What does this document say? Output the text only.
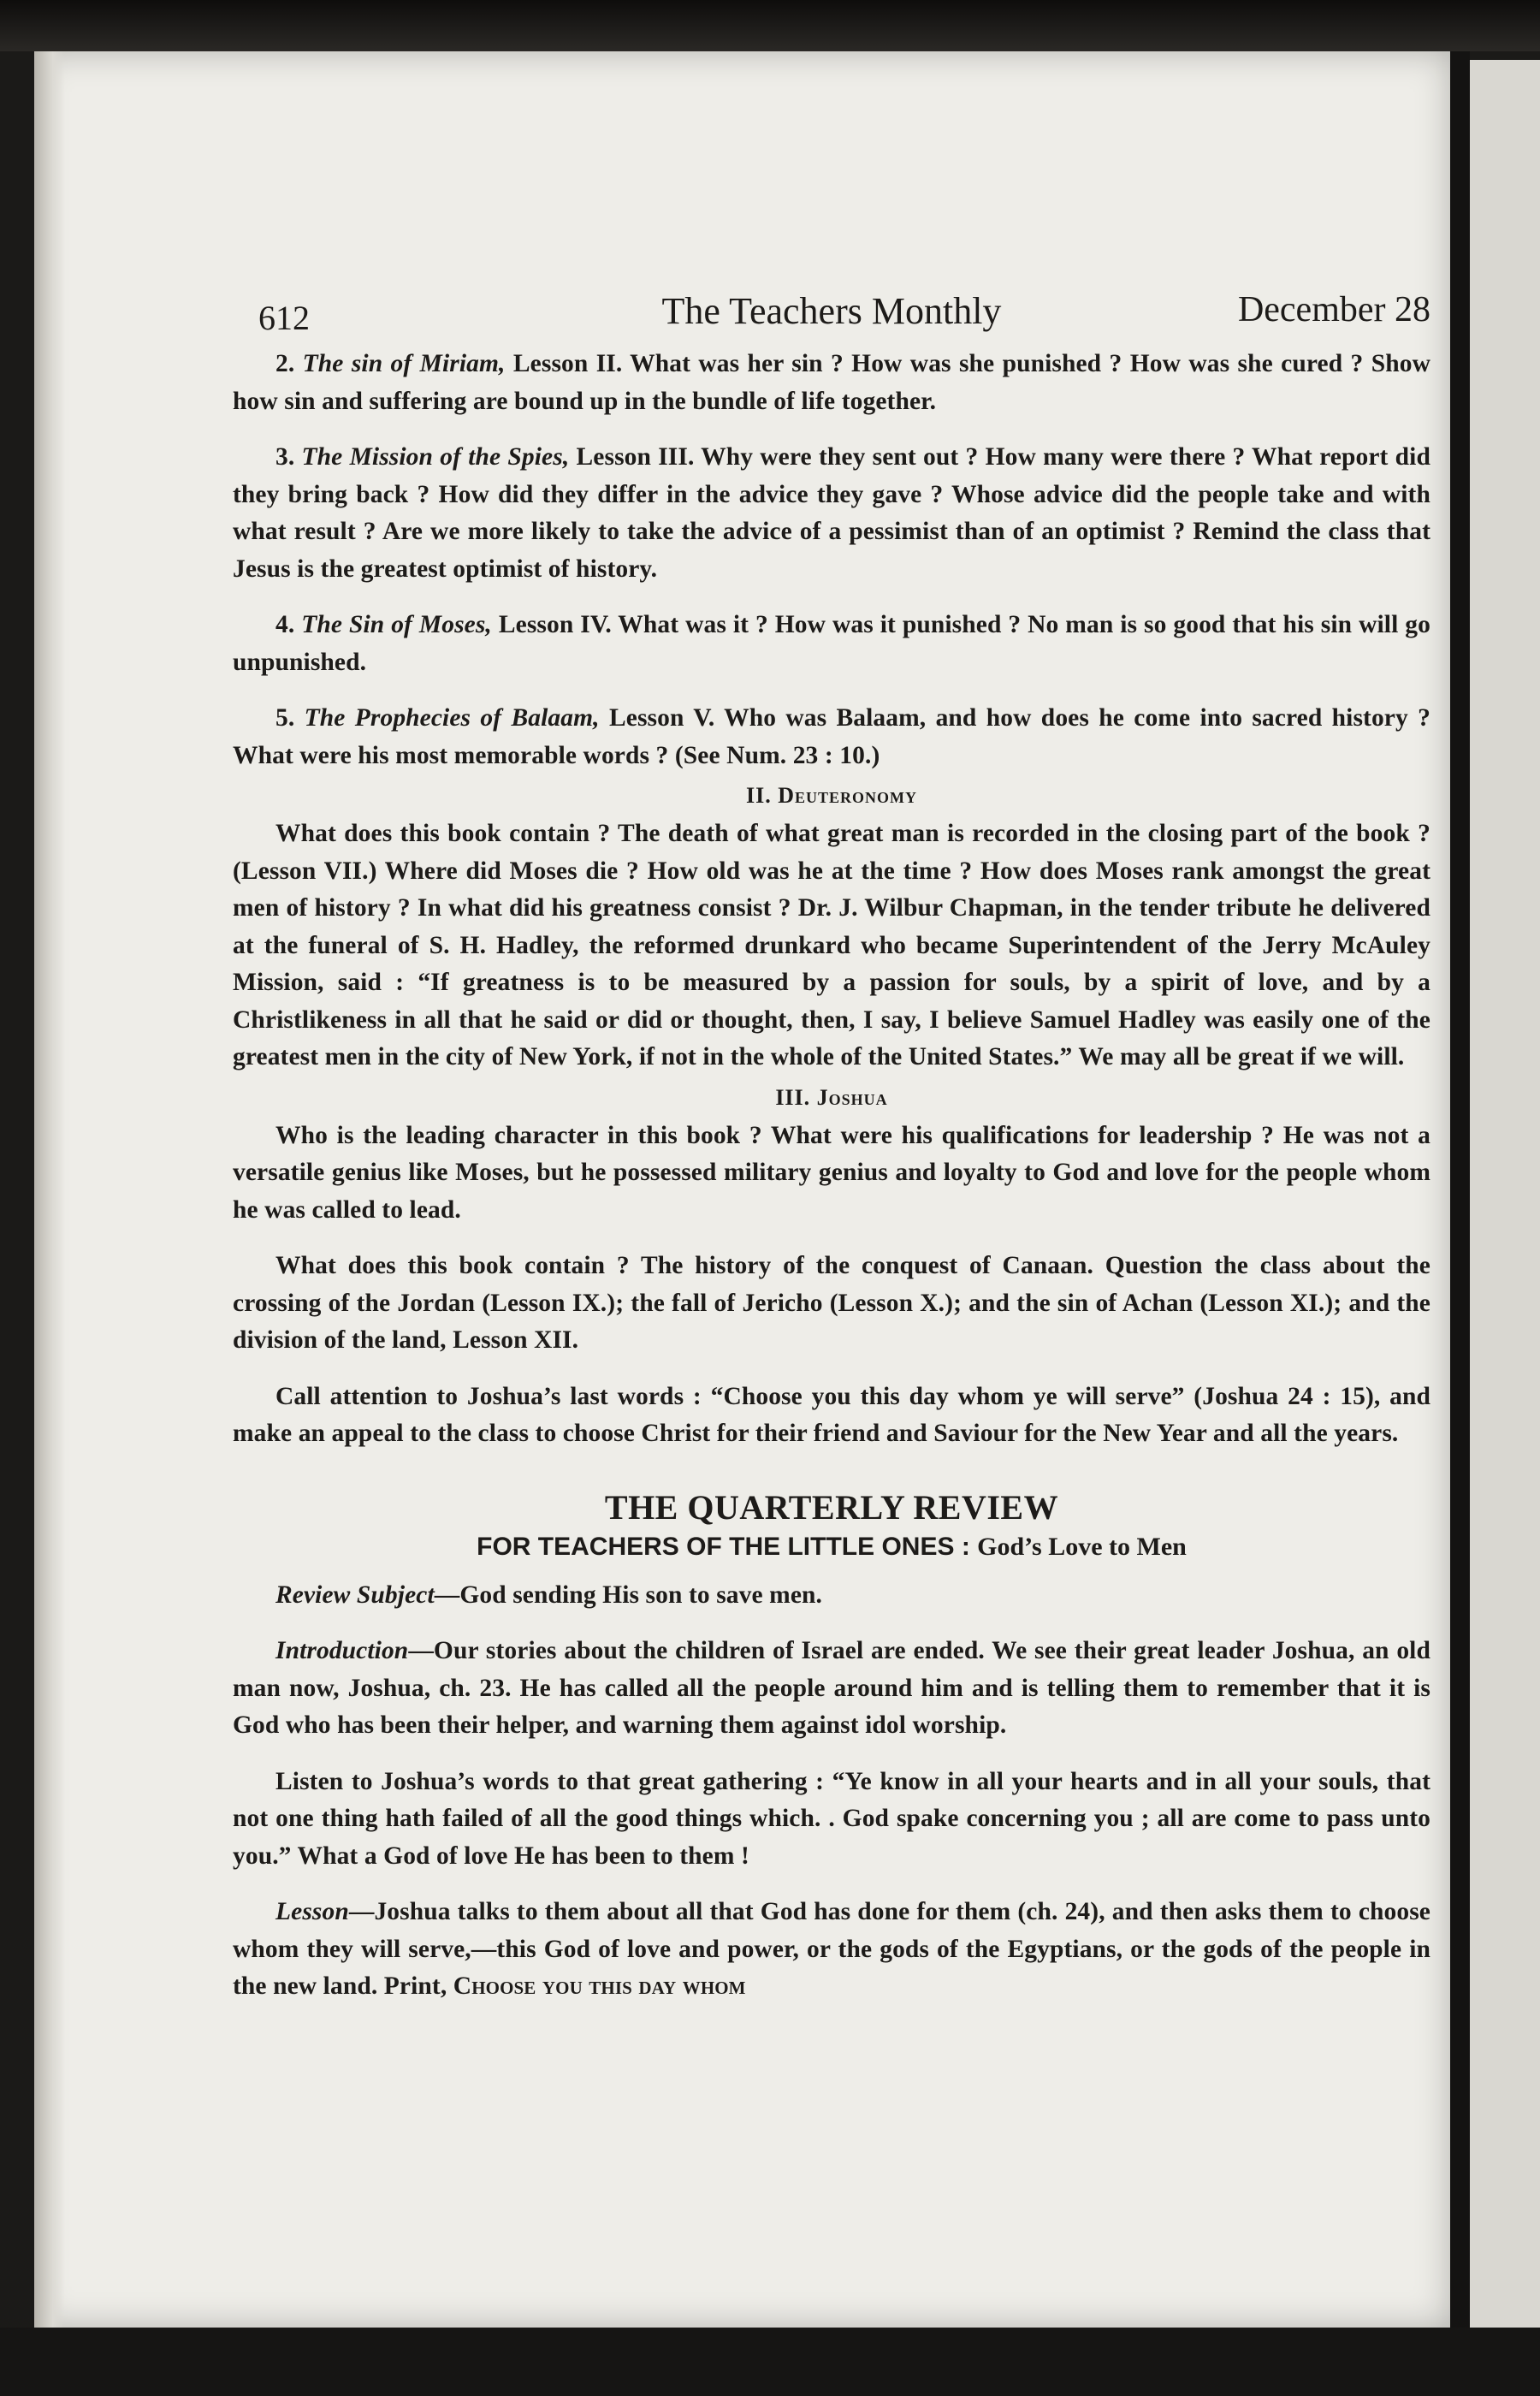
612	The Teachers Monthly	December 28

2. The sin of Miriam, Lesson II. What was her sin ? How was she punished ? How was she cured ? Show how sin and suffering are bound up in the bundle of life together.

3. The Mission of the Spies, Lesson III. Why were they sent out ? How many were there ? What report did they bring back ? How did they differ in the advice they gave ? Whose advice did the people take and with what result ? Are we more likely to take the advice of a pessimist than of an optimist ? Remind the class that Jesus is the greatest optimist of history.

4. The Sin of Moses, Lesson IV. What was it ? How was it punished ? No man is so good that his sin will go unpunished.

5. The Prophecies of Balaam, Lesson V. Who was Balaam, and how does he come into sacred history ? What were his most memorable words ? (See Num. 23 : 10.)

II. Deuteronomy

What does this book contain ? The death of what great man is recorded in the closing part of the book ? (Lesson VII.) Where did Moses die ? How old was he at the time ? How does Moses rank amongst the great men of history ? In what did his greatness consist ? Dr. J. Wilbur Chapman, in the tender tribute he delivered at the funeral of S. H. Hadley, the reformed drunkard who became Superintendent of the Jerry McAuley Mission, said : “If greatness is to be measured by a passion for souls, by a spirit of love, and by a Christlikeness in all that he said or did or thought, then, I say, I believe Samuel Hadley was easily one of the greatest men in the city of New York, if not in the whole of the United States.” We may all be great if we will.

III. Joshua

Who is the leading character in this book ? What were his qualifications for leadership ? He was not a versatile genius like Moses, but he possessed military genius and loyalty to God and love for the people whom he was called to lead.

What does this book contain ? The history of the conquest of Canaan. Question the class about the crossing of the Jordan (Lesson IX.); the fall of Jericho (Lesson X.); and the sin of Achan (Lesson XI.); and the division of the land, Lesson XII.

Call attention to Joshua’s last words : “Choose you this day whom ye will serve” (Joshua 24 : 15), and make an appeal to the class to choose Christ for their friend and Saviour for the New Year and all the years.

THE QUARTERLY REVIEW
FOR TEACHERS OF THE LITTLE ONES : God’s Love to Men

Review Subject—God sending His son to save men.

Introduction—Our stories about the children of Israel are ended. We see their great leader Joshua, an old man now, Joshua, ch. 23. He has called all the people around him and is telling them to remember that it is God who has been their helper, and warning them against idol worship.

Listen to Joshua’s words to that great gathering : “Ye know in all your hearts and in all your souls, that not one thing hath failed of all the good things which. . God spake concerning you ; all are come to pass unto you.” What a God of love He has been to them !

Lesson—Joshua talks to them about all that God has done for them (ch. 24), and then asks them to choose whom they will serve,—this God of love and power, or the gods of the Egyptians, or the gods of the people in the new land. Print, Choose you this day whom
